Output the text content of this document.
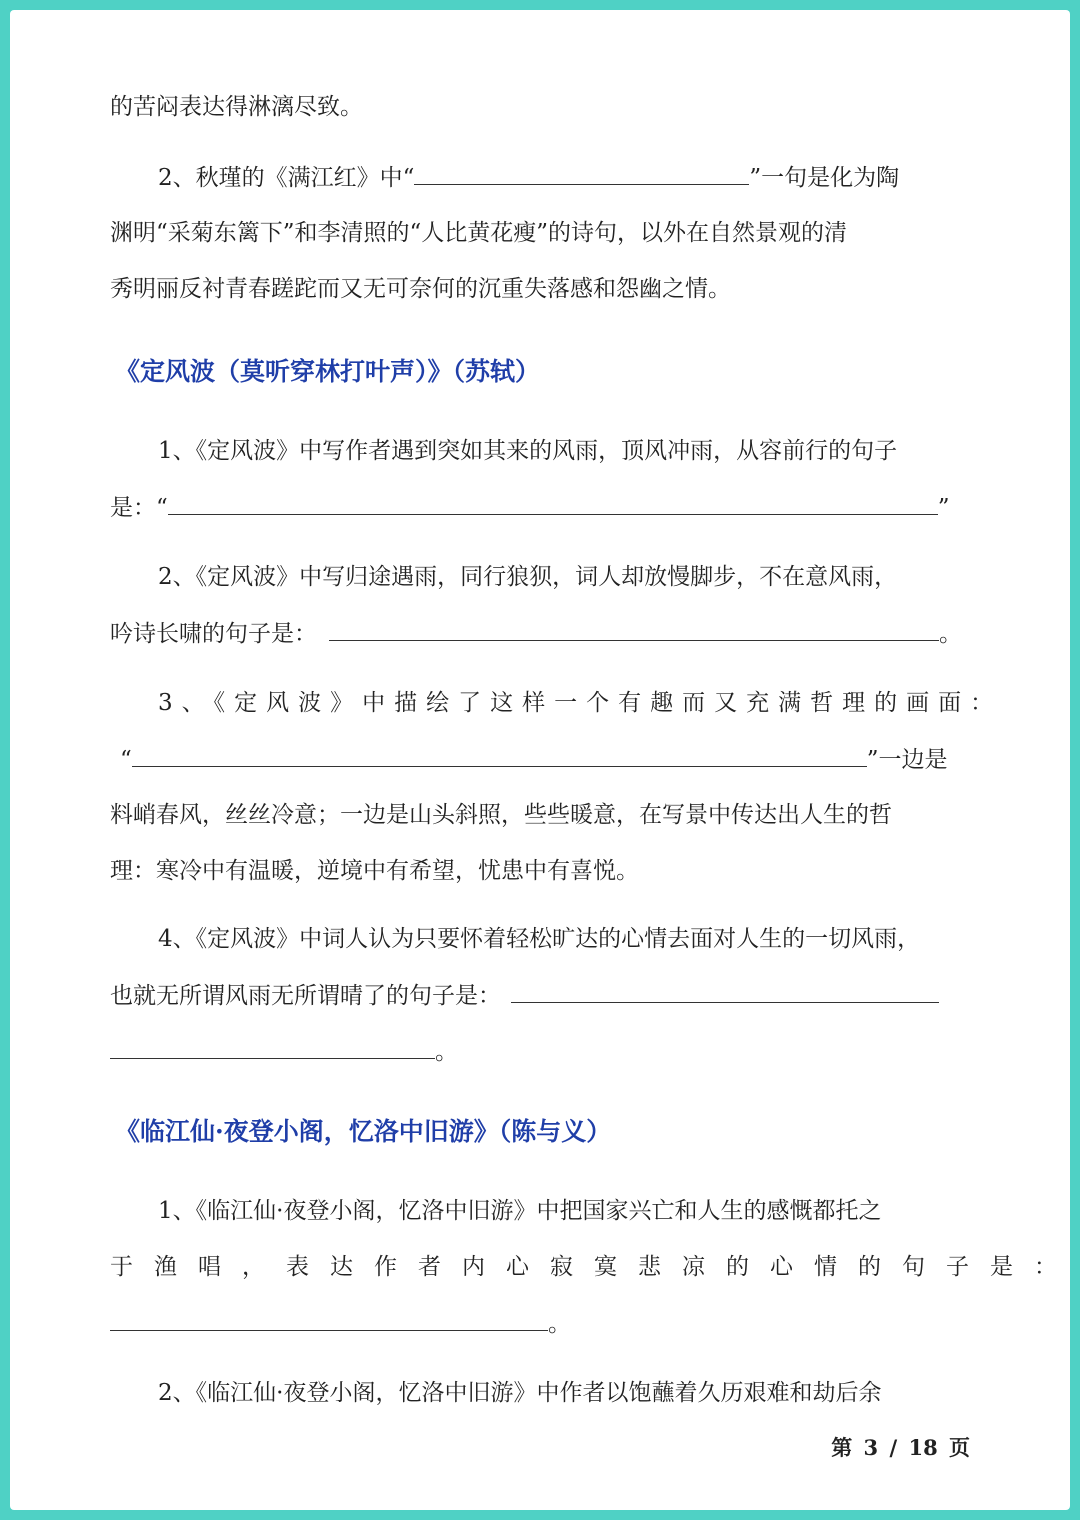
的苦闷表达得淋漓尽致。
2、秋瑾的《满江红》中“	”一句是化为陶
渊明“采菊东篱下”和李清照的“人比黄花瘦”的诗句，以外在自然景观的清
秀明丽反衬青春蹉跎而又无可奈何的沉重失落感和怨幽之情。
《定风波（莫听穿林打叶声）》（苏轼）
1、《定风波》中写作者遇到突如其来的风雨，顶风冲雨，从容前行的句子
是：“	”
2、《定风波》中写归途遇雨，同行狼狈，词人却放慢脚步，不在意风雨，
吟诗长啸的句子是：	。
3、《定风波》中描绘了这样一个有趣而又充满哲理的画面：
“	”一边是
料峭春风，丝丝冷意；一边是山头斜照，些些暖意，在写景中传达出人生的哲
理：寒冷中有温暖，逆境中有希望，忧患中有喜悦。
4、《定风波》中词人认为只要怀着轻松旷达的心情去面对人生的一切风雨，
也就无所谓风雨无所谓晴了的句子是：
。
《临江仙·夜登小阁，忆洛中旧游》（陈与义）
1、《临江仙·夜登小阁，忆洛中旧游》中把国家兴亡和人生的感慨都托之
于渔唱，表达作者内心寂寞悲凉的心情的句子是：
。
2、《临江仙·夜登小阁，忆洛中旧游》中作者以饱蘸着久历艰难和劫后余
第 3 / 18 页
